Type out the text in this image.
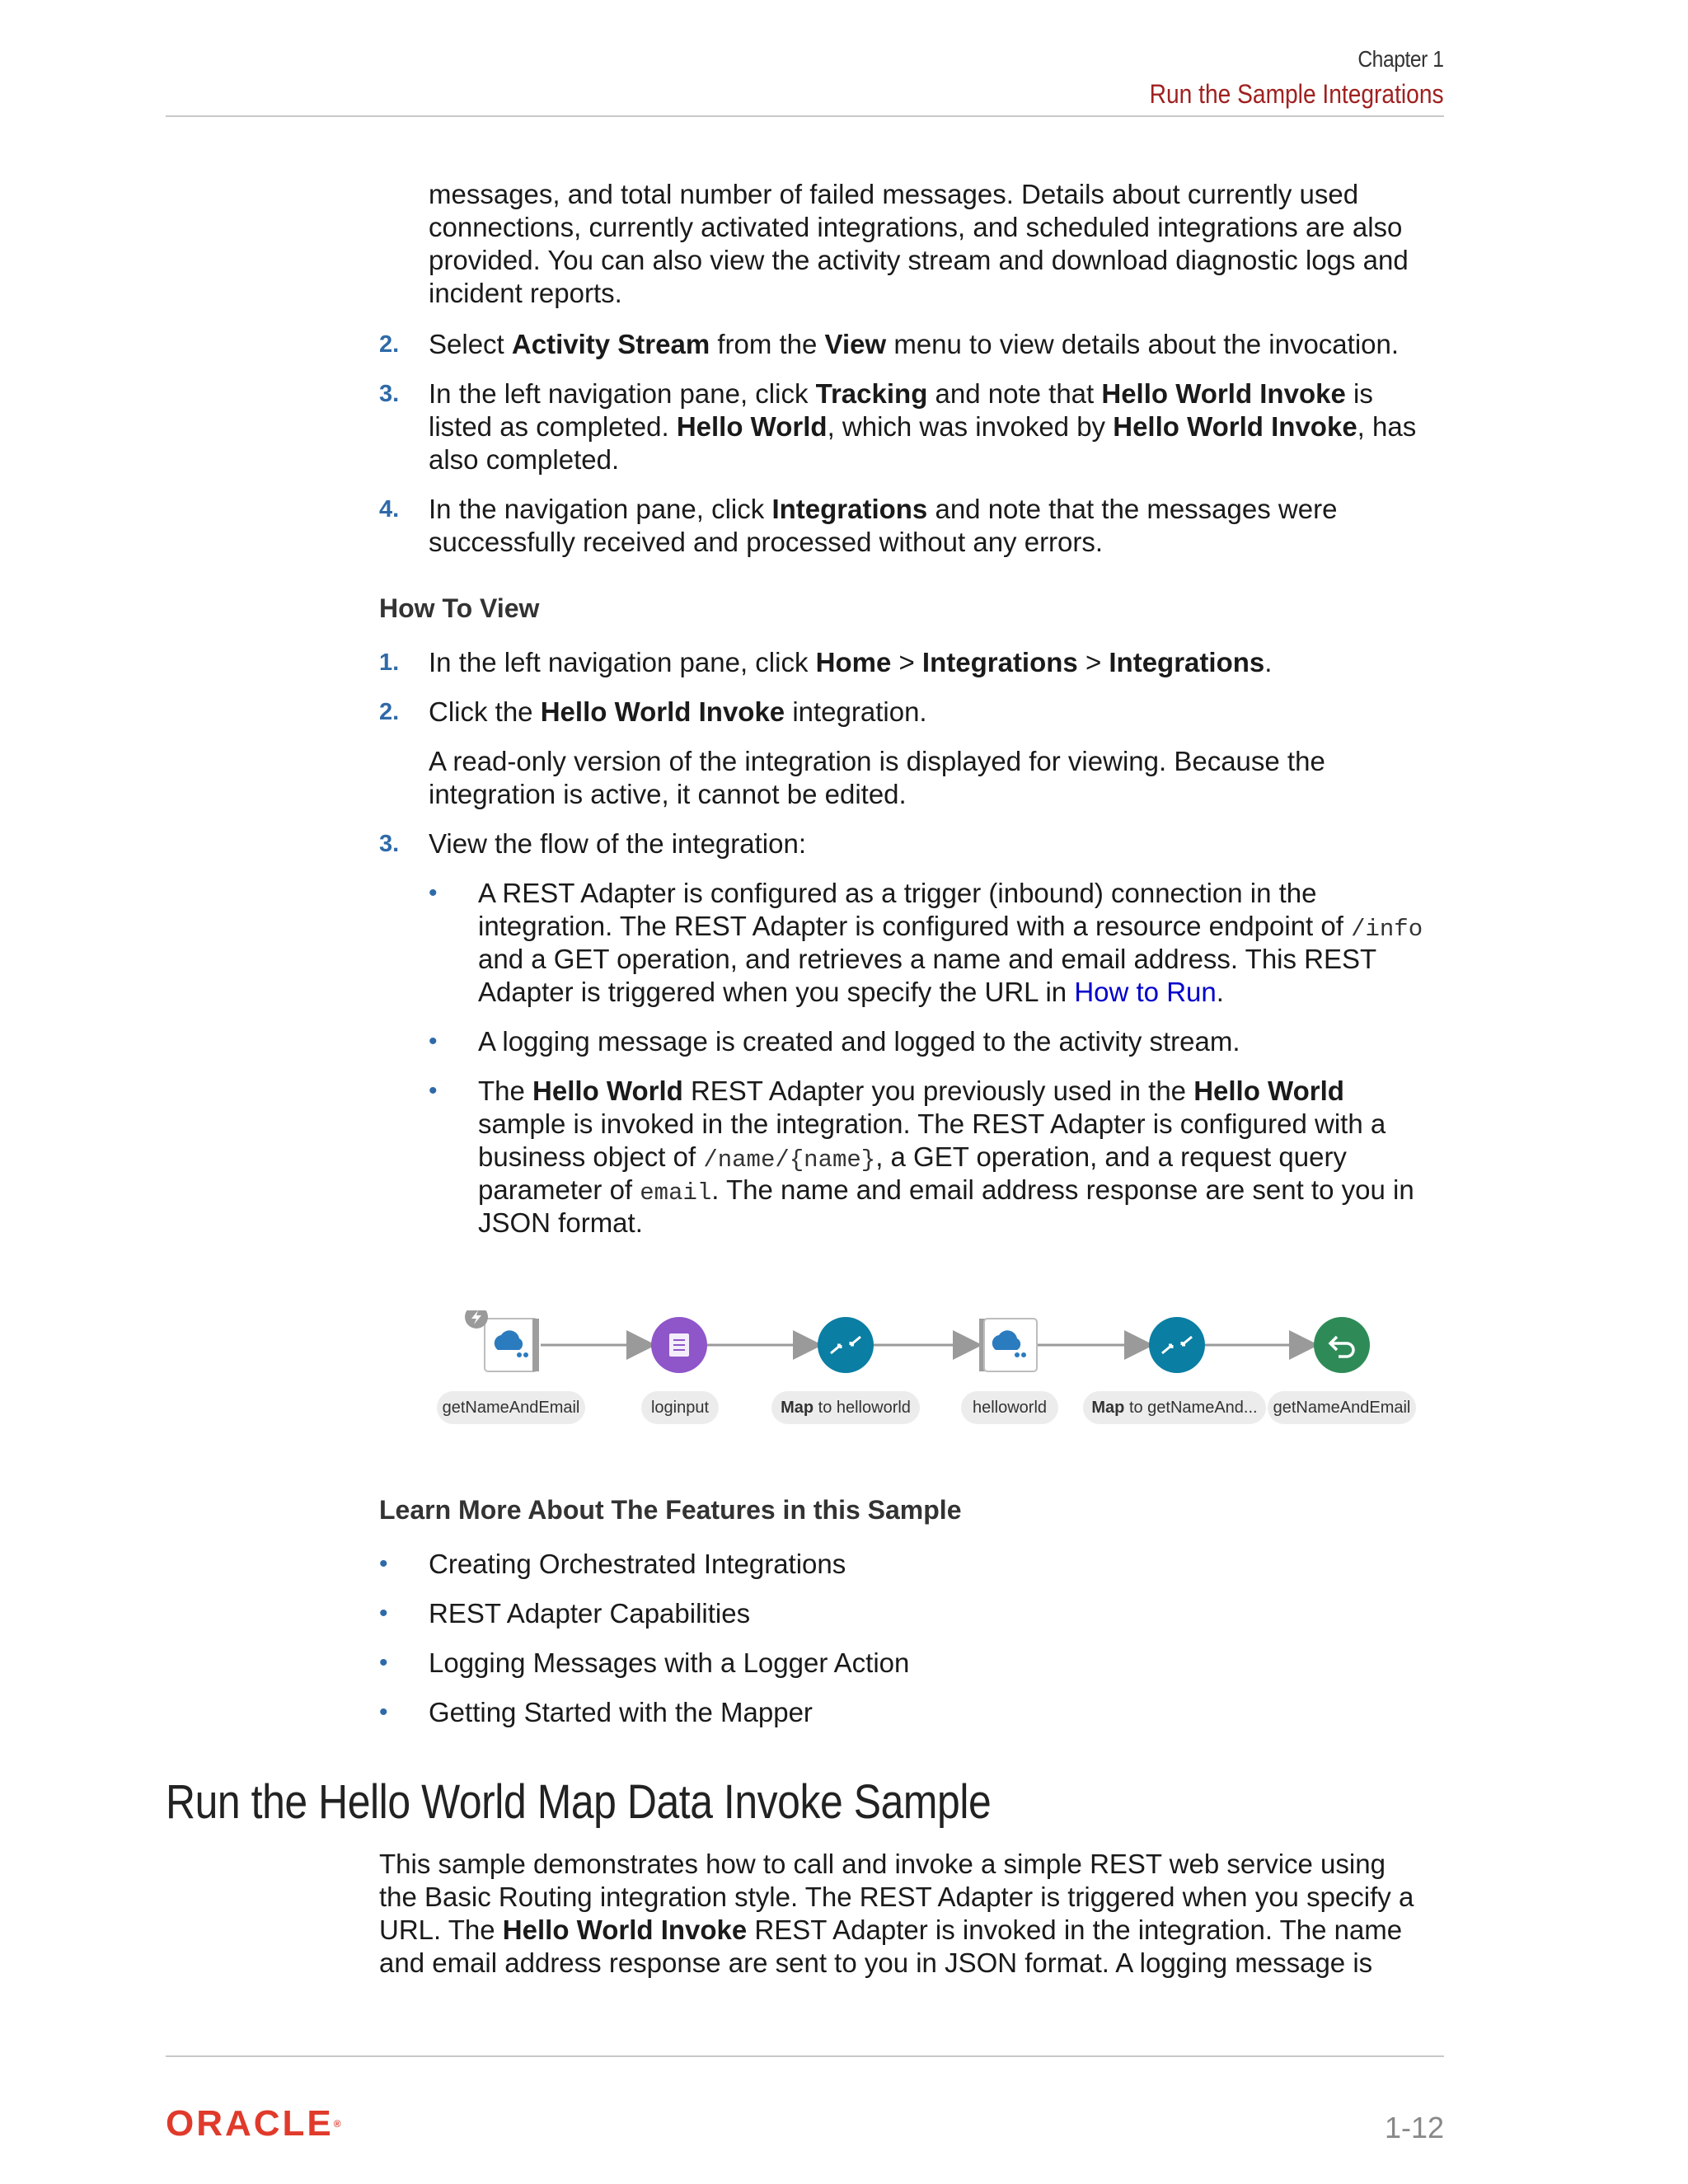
Chapter 1
Run the Sample Integrations
messages, and total number of failed messages. Details about currently used
connections, currently activated integrations, and scheduled integrations are also
provided. You can also view the activity stream and download diagnostic logs and
incident reports.
2. Select Activity Stream from the View menu to view details about the invocation.
3. In the left navigation pane, click Tracking and note that Hello World Invoke is
listed as completed. Hello World, which was invoked by Hello World Invoke, has
also completed.
4. In the navigation pane, click Integrations and note that the messages were
successfully received and processed without any errors.
How To View
1. In the left navigation pane, click Home > Integrations > Integrations.
2. Click the Hello World Invoke integration.
A read-only version of the integration is displayed for viewing. Because the
integration is active, it cannot be edited.
3. View the flow of the integration:
• A REST Adapter is configured as a trigger (inbound) connection in the
integration. The REST Adapter is configured with a resource endpoint of /info
and a GET operation, and retrieves a name and email address. This REST
Adapter is triggered when you specify the URL in How to Run.
• A logging message is created and logged to the activity stream.
• The Hello World REST Adapter you previously used in the Hello World
sample is invoked in the integration. The REST Adapter is configured with a
business object of /name/{name}, a GET operation, and a request query
parameter of email. The name and email address response are sent to you in
JSON format.
getNameAndEmail	loginput	Map to helloworld	helloworld	Map to getNameAnd... getNameAndEmail
Learn More About The Features in this Sample
• Creating Orchestrated Integrations
• REST Adapter Capabilities
• Logging Messages with a Logger Action
• Getting Started with the Mapper
Run the Hello World Map Data Invoke Sample
This sample demonstrates how to call and invoke a simple REST web service using
the Basic Routing integration style. The REST Adapter is triggered when you specify a
URL. The Hello World Invoke REST Adapter is invoked in the integration. The name
and email address response are sent to you in JSON format. A logging message is
ORACLE®	1-12
